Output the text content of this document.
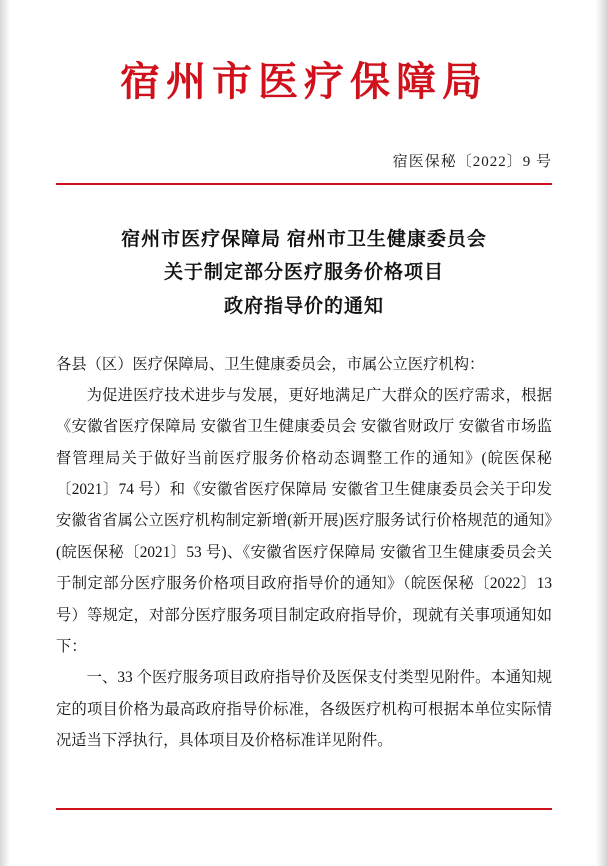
宿州市医疗保障局
宿医保秘〔2022〕9 号
宿州市医疗保障局 宿州市卫生健康委员会
关于制定部分医疗服务价格项目
政府指导价的通知

各县（区）医疗保障局、卫生健康委员会，市属公立医疗机构：

为促进医疗技术进步与发展，更好地满足广大群众的医疗需求，根据《安徽省医疗保障局 安徽省卫生健康委员会 安徽省财政厅 安徽省市场监督管理局关于做好当前医疗服务价格动态调整工作的通知》(皖医保秘〔2021〕74 号）和《安徽省医疗保障局 安徽省卫生健康委员会关于印发安徽省省属公立医疗机构制定新增(新开展)医疗服务试行价格规范的通知》(皖医保秘〔2021〕53 号)、《安徽省医疗保障局 安徽省卫生健康委员会关于制定部分医疗服务价格项目政府指导价的通知》（皖医保秘〔2022〕13 号）等规定，对部分医疗服务项目制定政府指导价，现就有关事项通知如下：

一、33 个医疗服务项目政府指导价及医保支付类型见附件。本通知规定的项目价格为最高政府指导价标准，各级医疗机构可根据本单位实际情况适当下浮执行，具体项目及价格标准详见附件。
